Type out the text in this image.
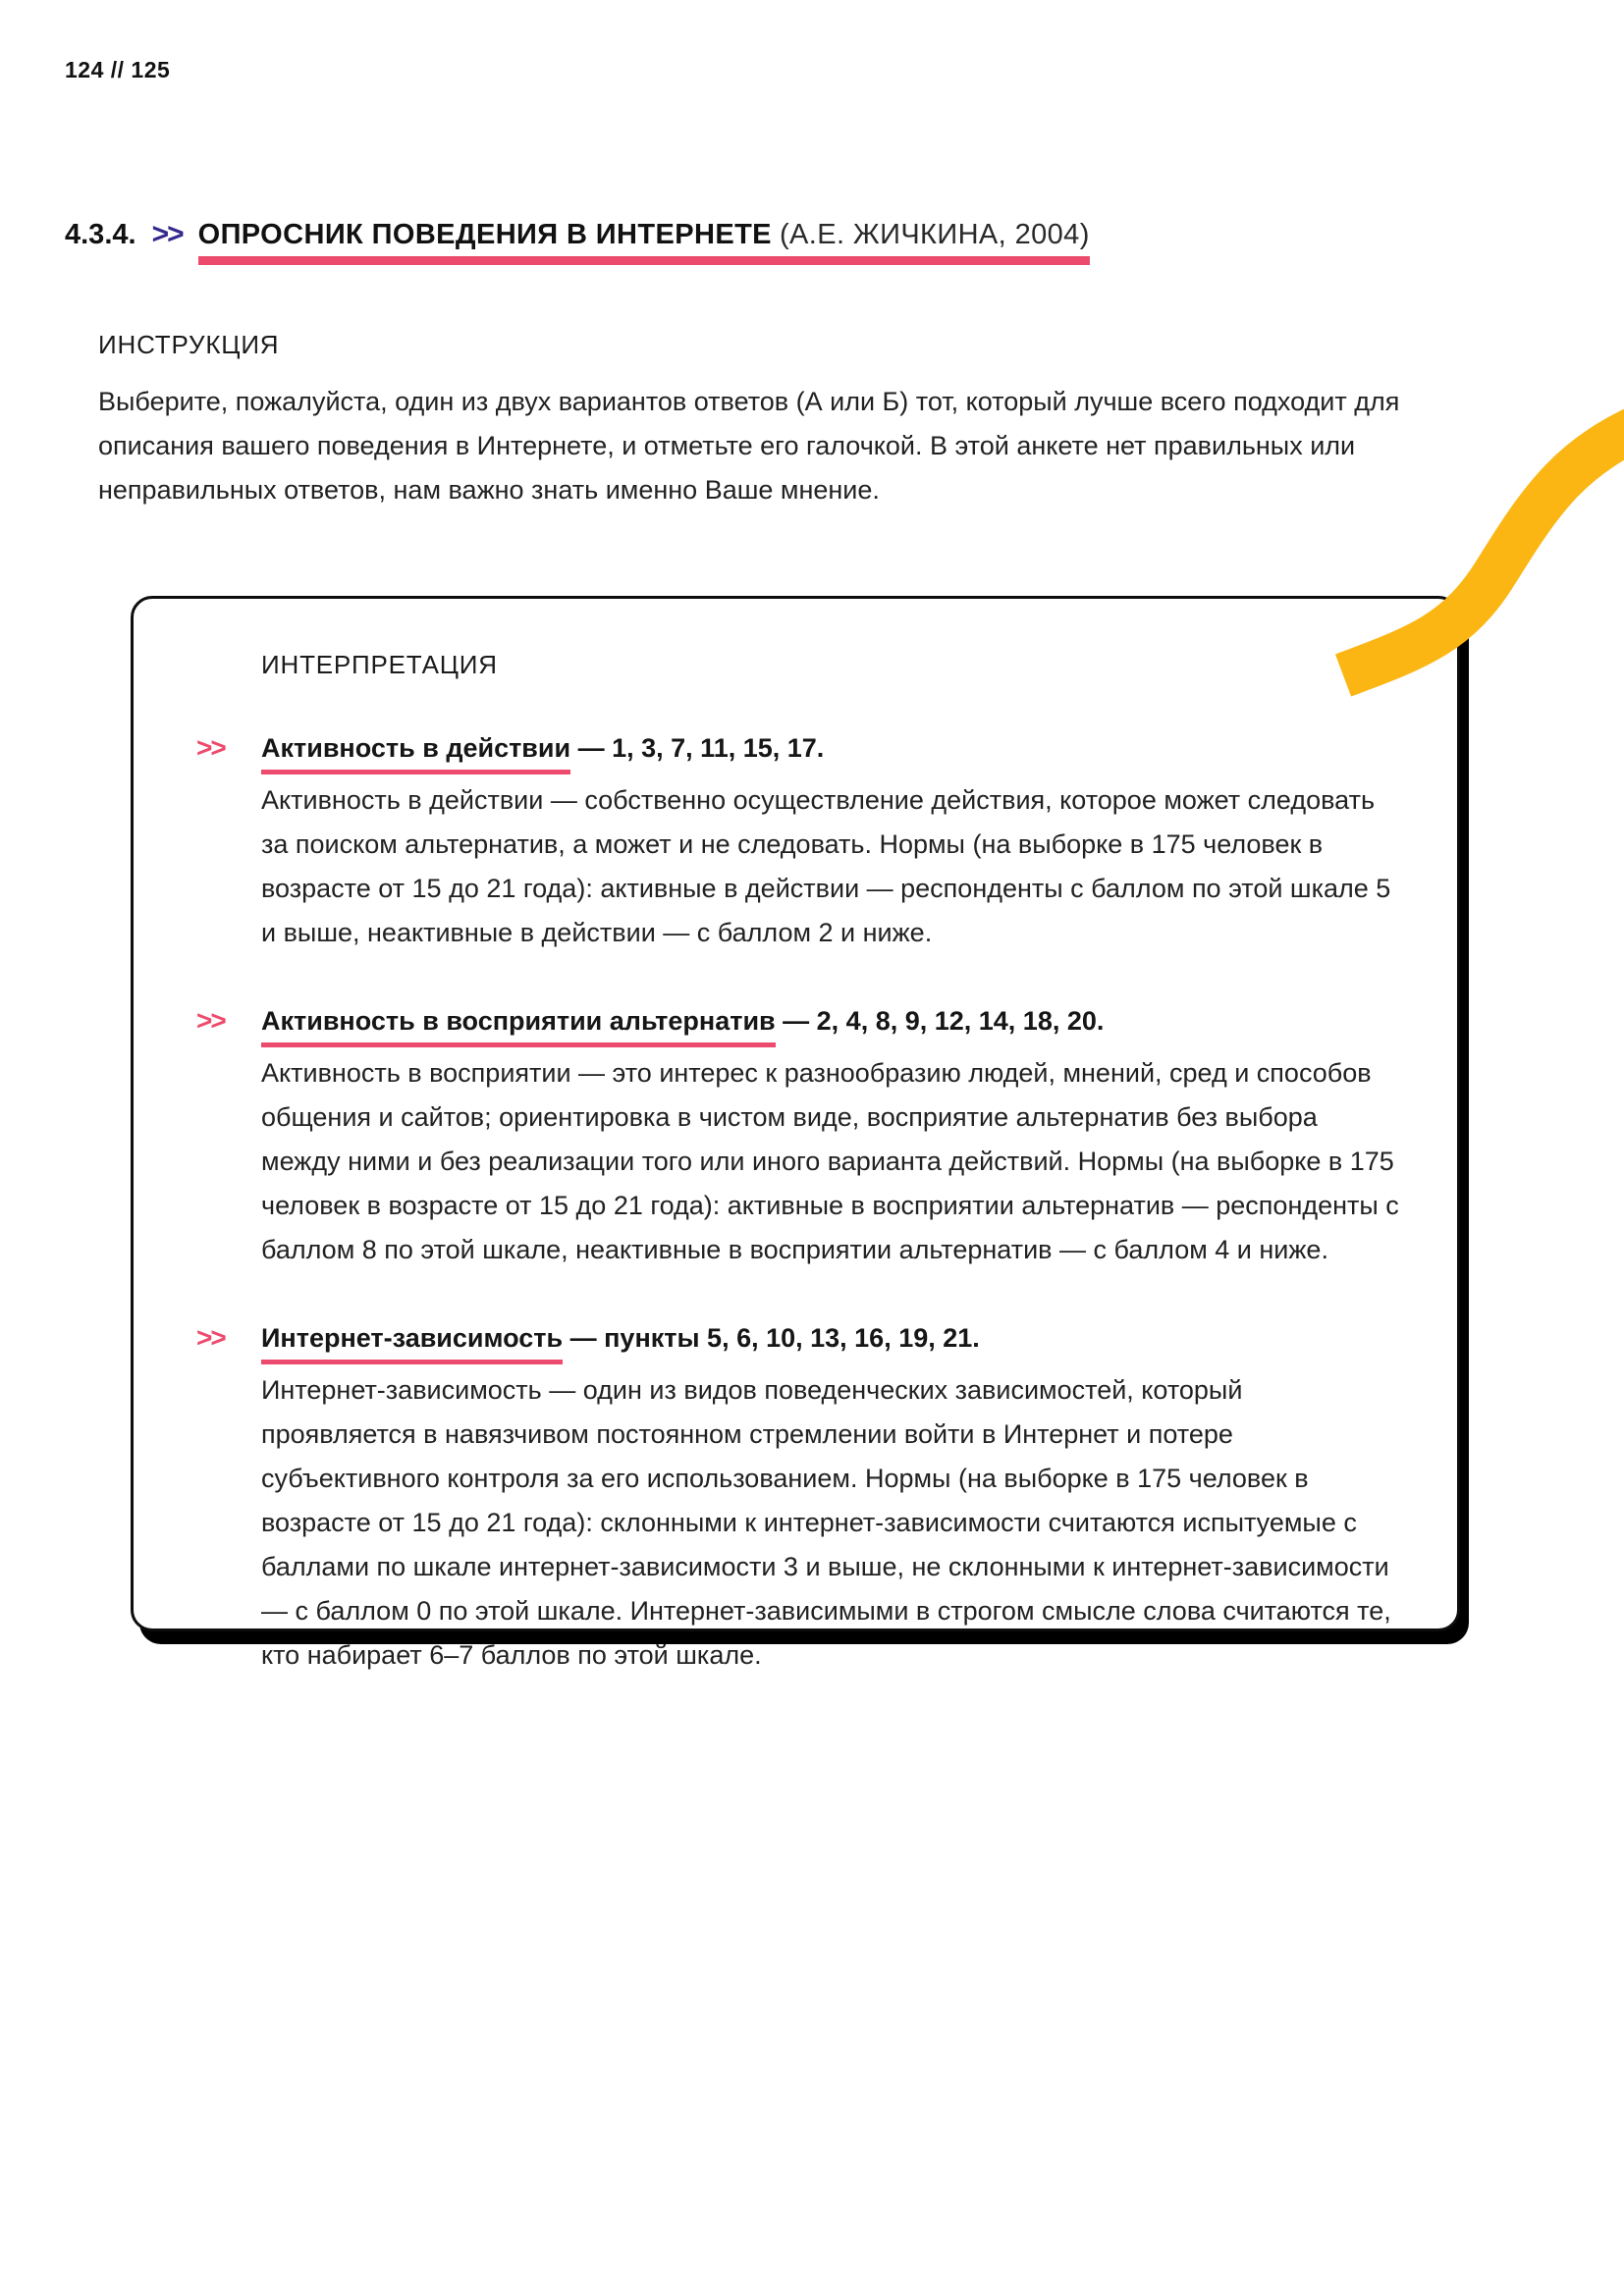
124 // 125
4.3.4. >> ОПРОСНИК ПОВЕДЕНИЯ В ИНТЕРНЕТЕ (А.Е. ЖИЧКИНА, 2004)
ИНСТРУКЦИЯ
Выберите, пожалуйста, один из двух вариантов ответов (А или Б) тот, который лучше всего подходит для описания вашего поведения в Интернете, и отметьте его галочкой. В этой анкете нет правильных или неправильных ответов, нам важно знать именно Ваше мнение.
ИНТЕРПРЕТАЦИЯ
>>	Активность в действии — 1, 3, 7, 11, 15, 17.

Активность в действии — собственно осуществление действия, которое может следовать за поиском альтернатив, а может и не следовать. Нормы (на выборке в 175 человек в возрасте от 15 до 21 года): активные в действии — респонденты с баллом по этой шкале 5 и выше, неактивные в действии — с баллом 2 и ниже.

>>	Активность в восприятии альтернатив — 2, 4, 8, 9, 12, 14, 18, 20.

Активность в восприятии — это интерес к разнообразию людей, мнений, сред и способов общения и сайтов; ориентировка в чистом виде, восприятие альтернатив без выбора между ними и без реализации того или иного варианта действий. Нормы (на выборке в 175 человек в возрасте от 15 до 21 года): активные в восприятии альтернатив — респонденты с баллом 8 по этой шкале, неактивные в восприятии альтернатив — с баллом 4 и ниже.

>>	Интернет-зависимость — пункты 5, 6, 10, 13, 16, 19, 21.

Интернет-зависимость — один из видов поведенческих зависимостей, который проявляется в навязчивом постоянном стремлении войти в Интернет и потере субъективного контроля за его использованием. Нормы (на выборке в 175 человек в возрасте от 15 до 21 года): склонными к интернет-зависимости считаются испытуемые с баллами по шкале интернет-зависимости 3 и выше, не склонными к интернет-зависимости — с баллом 0 по этой шкале. Интернет-зависимыми в строгом смысле слова считаются те, кто набирает 6–7 баллов по этой шкале.
